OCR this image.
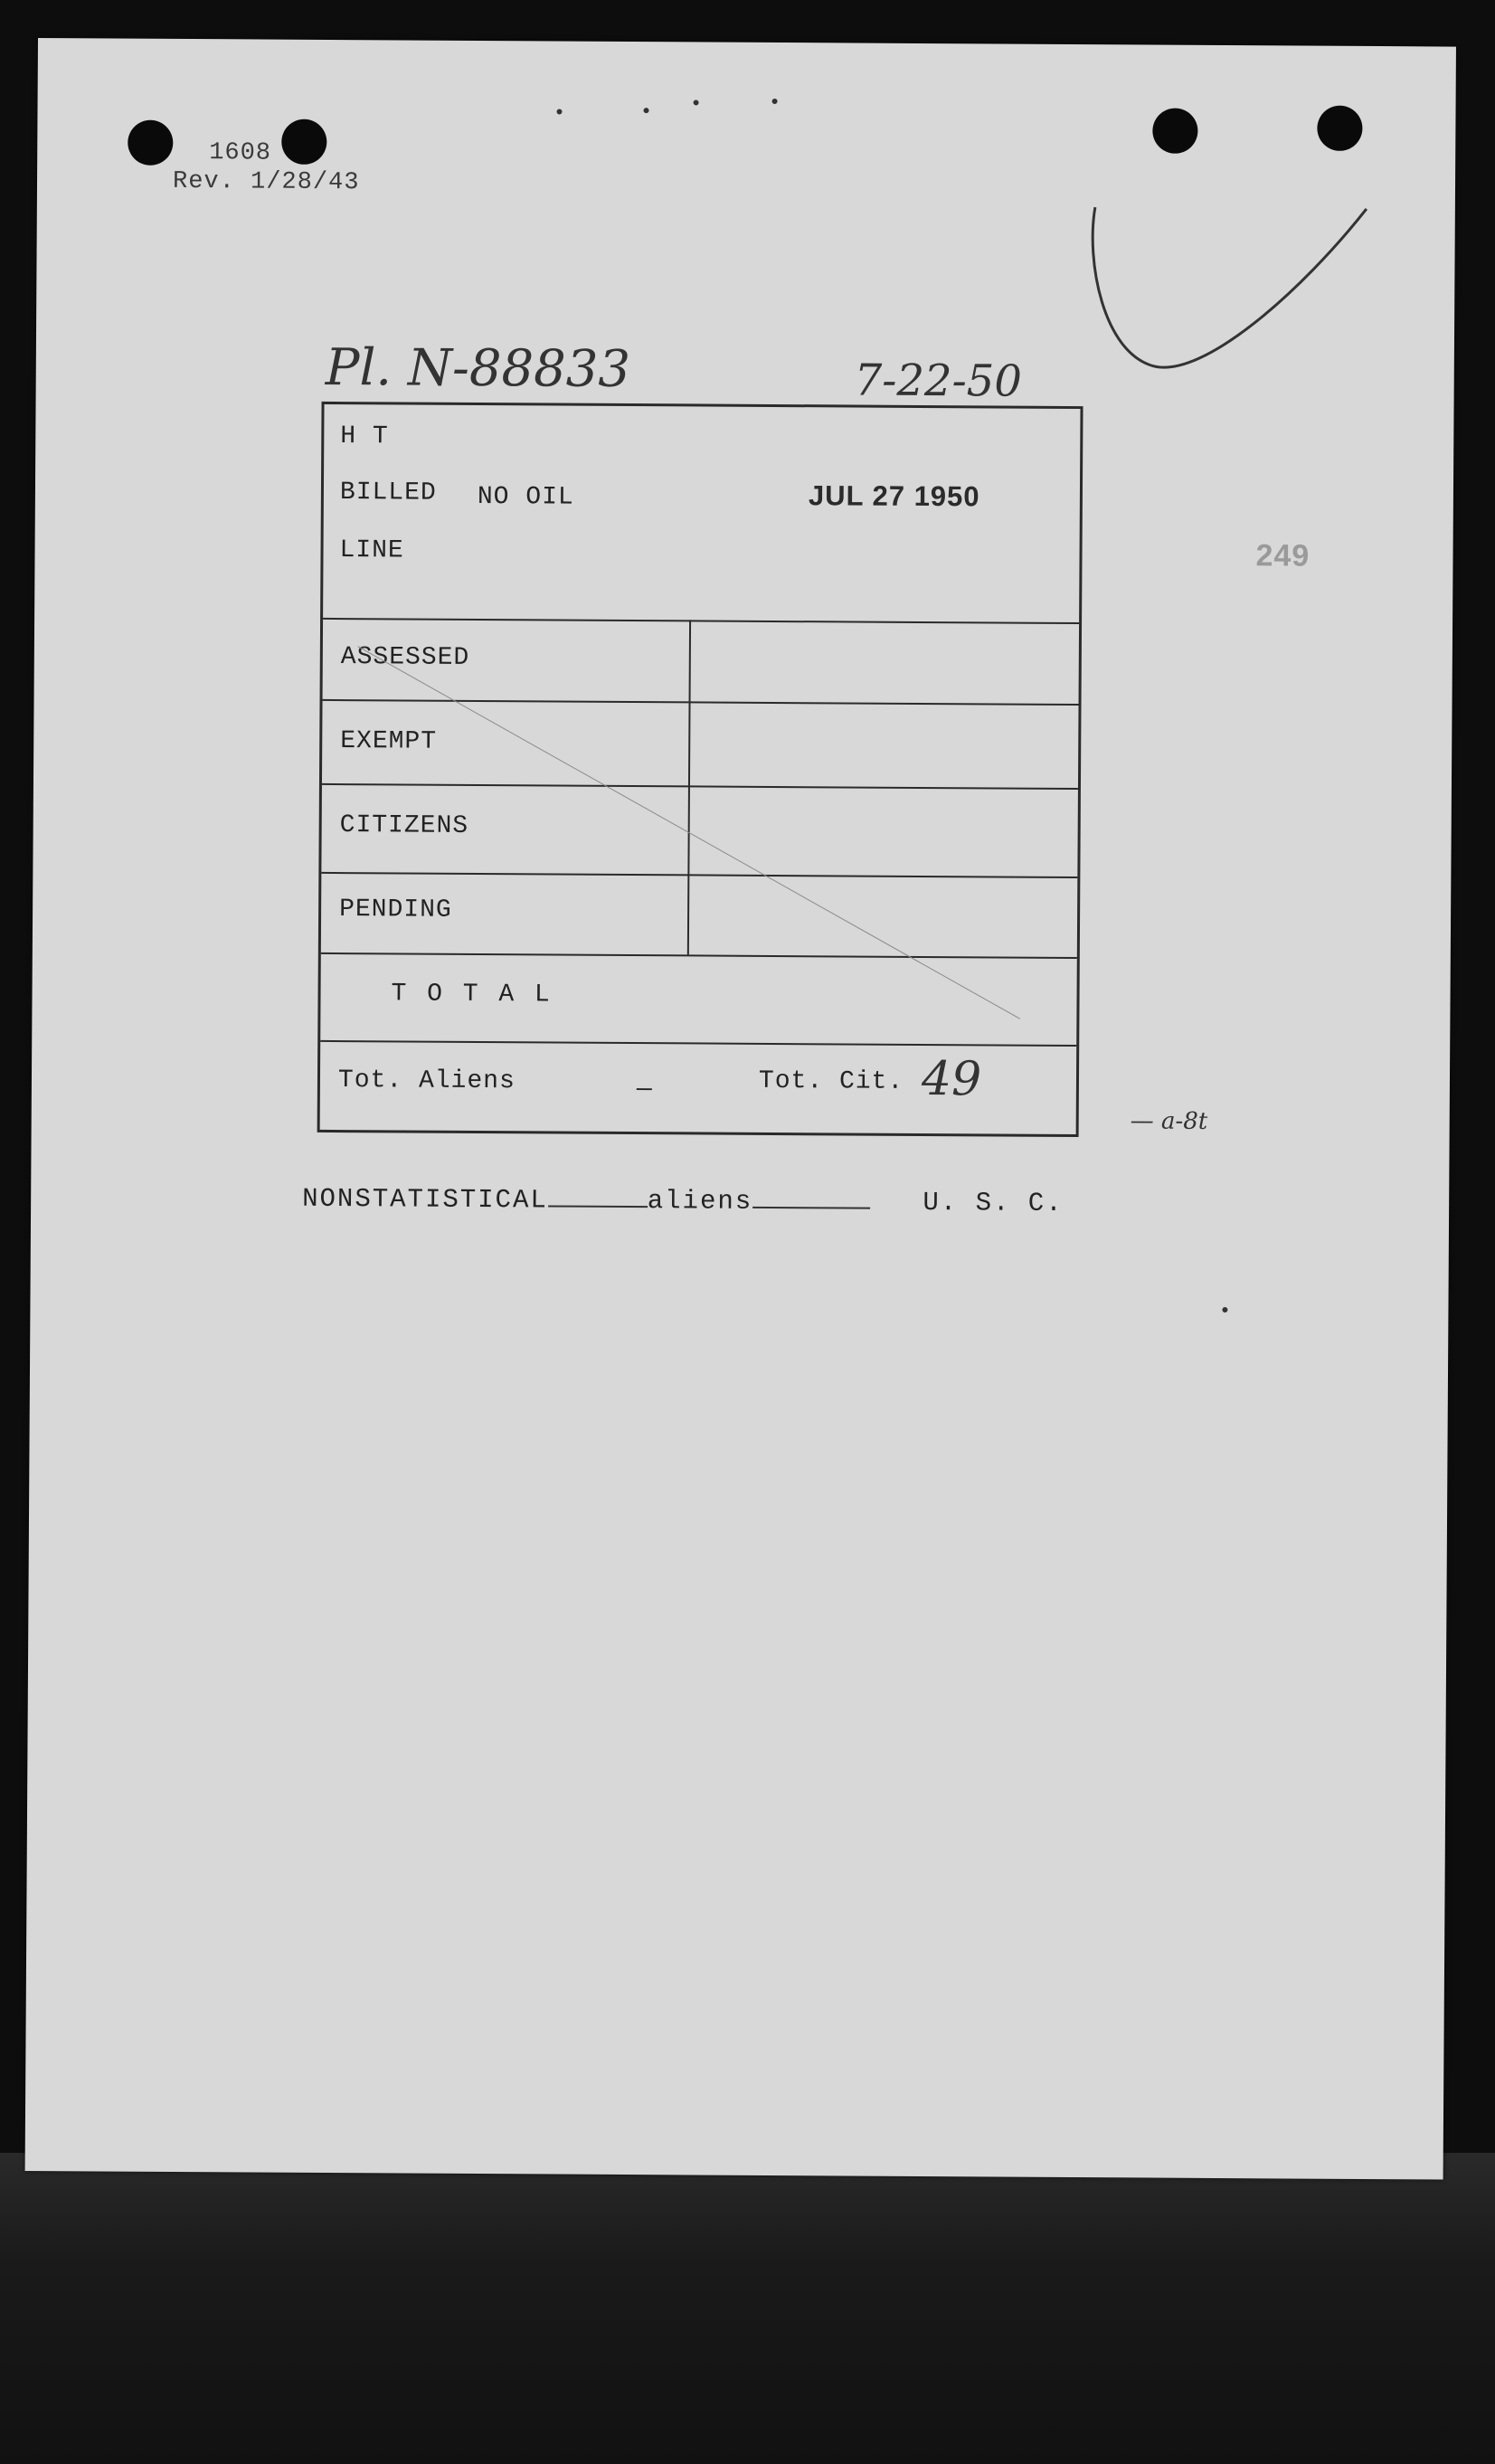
1608
Rev. 1/28/43
Pl. N-88833	7-22-50
249
H T
BILLED NO OIL	JUL 27 1950
LINE
ASSESSED
EXEMPT
CITIZENS
PENDING
T O T A L
Tot. Aliens	—	Tot. Cit. 49
— a-8t
NONSTATISTICAL	aliens	U. S. C.
